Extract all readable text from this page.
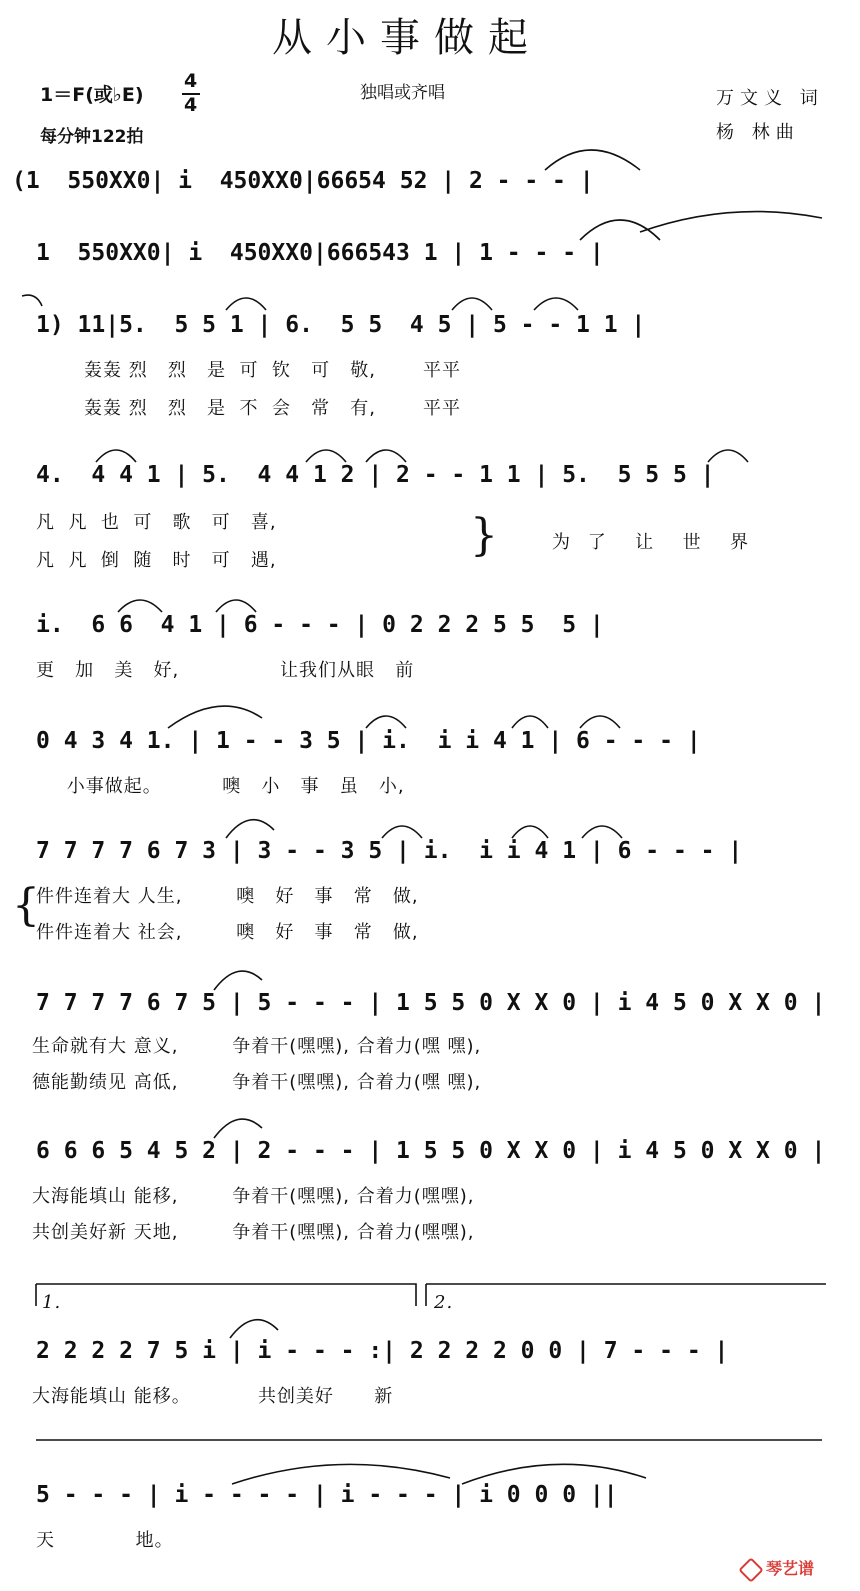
从小事做起
1＝F(或♭E)
4
4
每分钟122拍
独唱或齐唱	万文义 词
杨 林曲
(1  550XX0| i  450XX0|66654 52 | 2 - - - |
1  550XX0| i  450XX0|666543 1 | 1 - - - |
1) 11|5.  5 5 1 | 6.  5 5  4 5 | 5 - - 1 1 |
轰轰 烈   烈   是  可  钦   可   敬,       平平
轰轰 烈   烈   是  不  会   常   有,       平平
4.  4 4 1 | 5.  4 4 1 2 | 2 - - 1 1 | 5.  5 5 5 |
凡  凡  也  可   歌   可   喜,
凡  凡  倒  随   时   可   遇,	}	为 了  让  世  界
i.  6 6  4 1 | 6 - - - | 0 2 2 2 5 5  5 |
更   加   美   好,               让我们从眼   前
0 4 3 4 1. | 1 - - 3 5 | i.  i i 4 1 | 6 - - - |
小事做起。         噢   小   事   虽   小,
7 7 7 7 6 7 3 | 3 - - 3 5 | i.  i i 4 1 | 6 - - - |
{
件件连着大 人生,        噢   好   事   常   做,
件件连着大 社会,        噢   好   事   常   做,
7 7 7 7 6 7 5 | 5 - - - | 1 5 5 0 X X 0 | i 4 5 0 X X 0 |
生命就有大 意义,        争着干(嘿嘿), 合着力(嘿 嘿),
德能勤绩见 高低,        争着干(嘿嘿), 合着力(嘿 嘿),
6 6 6 5 4 5 2 | 2 - - - | 1 5 5 0 X X 0 | i 4 5 0 X X 0 |
大海能填山 能移,        争着干(嘿嘿), 合着力(嘿嘿),
共创美好新 天地,        争着干(嘿嘿), 合着力(嘿嘿),
1.	2.
2 2 2 2 7 5 i | i - - - :| 2 2 2 2 0 0 | 7 - - - |
大海能填山 能移。          共创美好      新
5 - - - | i - - - - | i - - - | i 0 0 0 ||
天            地。
琴艺谱
